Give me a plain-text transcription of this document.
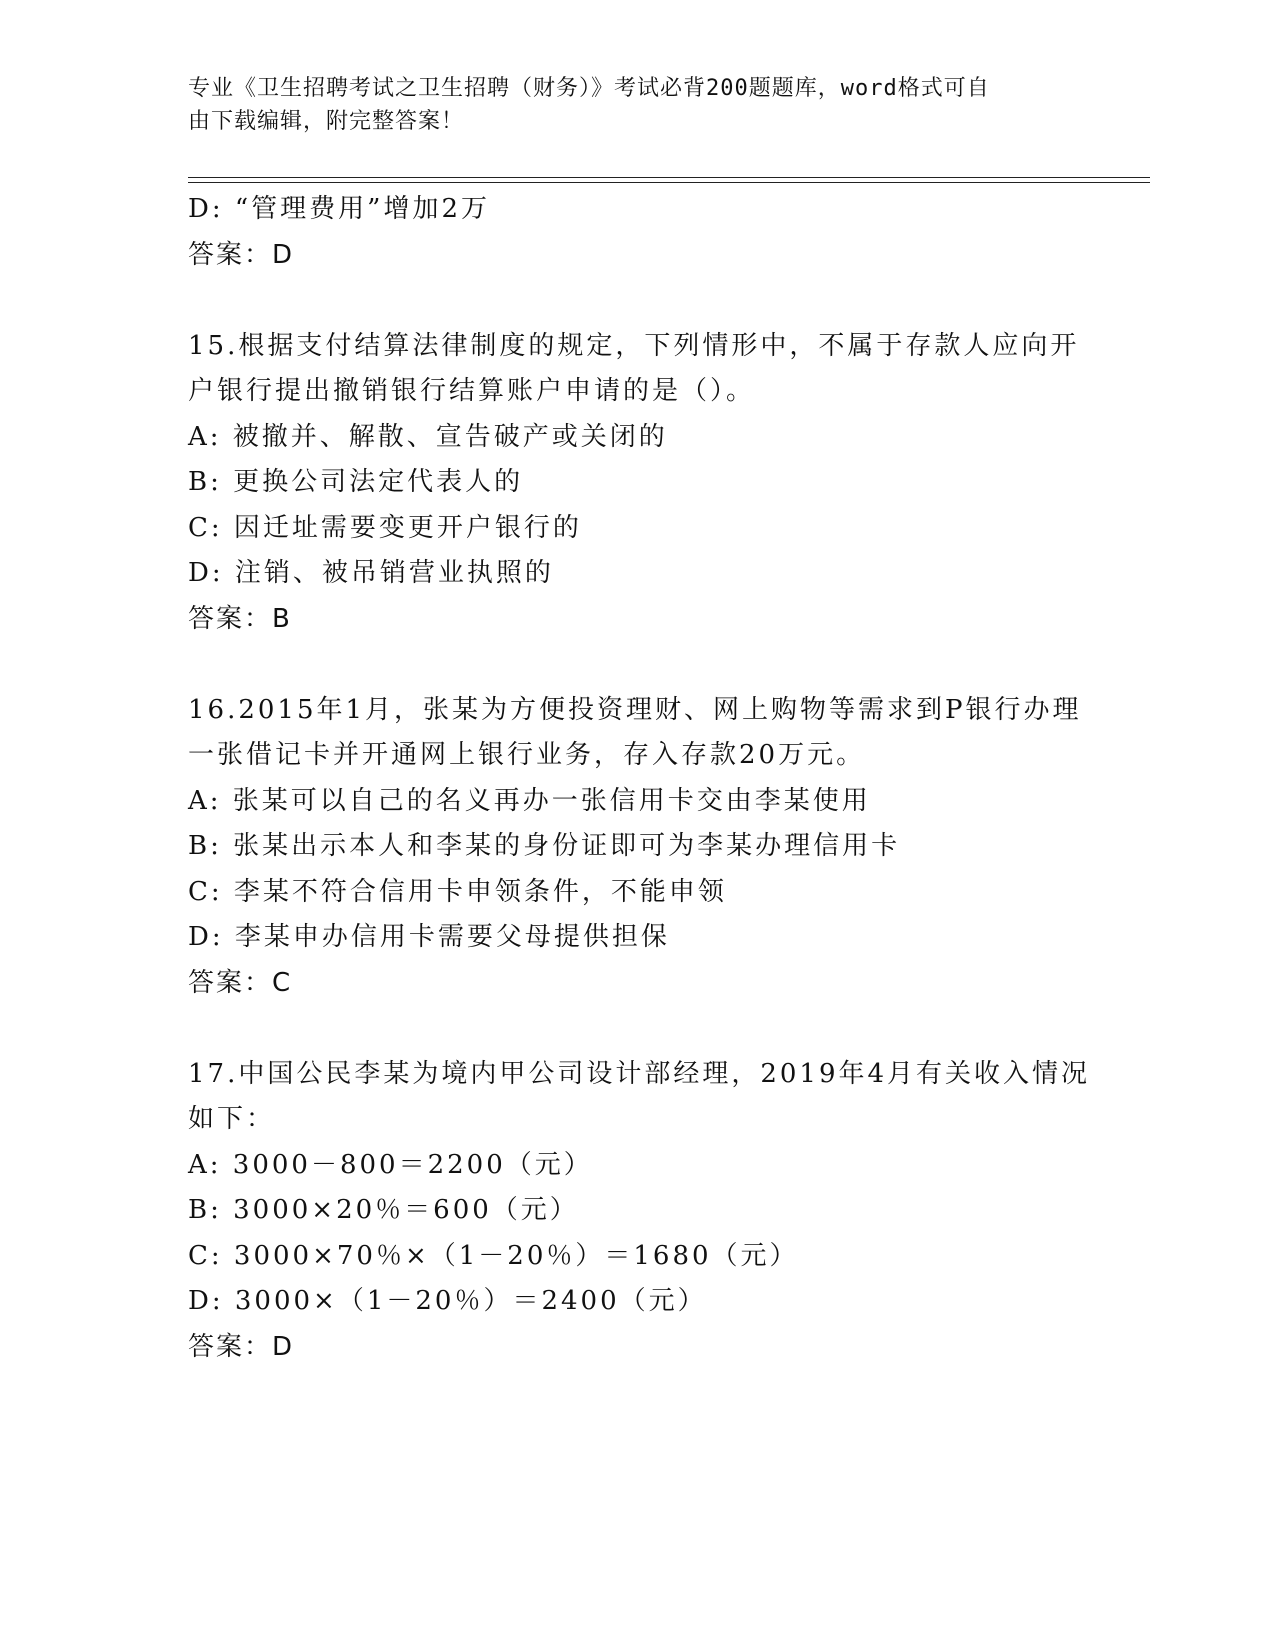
专业《卫生招聘考试之卫生招聘（财务）》考试必背200题题库，word格式可自
由下载编辑，附完整答案！
D: “管理费用”增加2万
答案：D
15.根据支付结算法律制度的规定，下列情形中，不属于存款人应向开
户银行提出撤销银行结算账户申请的是（）。
A: 被撤并、解散、宣告破产或关闭的
B: 更换公司法定代表人的
C: 因迁址需要变更开户银行的
D: 注销、被吊销营业执照的
答案：B
16.2015年1月，张某为方便投资理财、网上购物等需求到P银行办理
一张借记卡并开通网上银行业务，存入存款20万元。
A: 张某可以自己的名义再办一张信用卡交由李某使用
B: 张某出示本人和李某的身份证即可为李某办理信用卡
C: 李某不符合信用卡申领条件，不能申领
D: 李某申办信用卡需要父母提供担保
答案：C
17.中国公民李某为境内甲公司设计部经理，2019年4月有关收入情况
如下：
A: 3000－800＝2200（元）
B: 3000×20％＝600（元）
C: 3000×70％×（1－20％）＝1680（元）
D: 3000×（1－20％）＝2400（元）
答案：D
